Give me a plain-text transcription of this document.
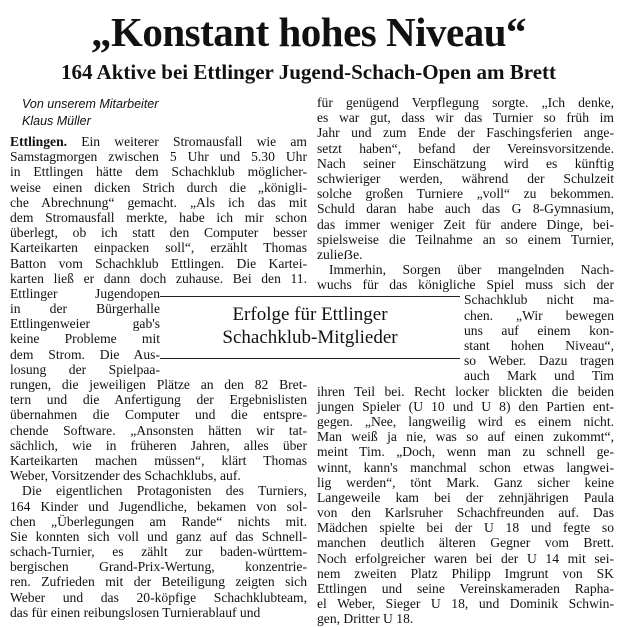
„Konstant hohes Niveau“
164 Aktive bei Ettlinger Jugend-Schach-Open am Brett
Von unserem Mitarbeiter
Klaus Müller
Ettlingen. Ein weiterer Stromausfall wie am
Samstagmorgen zwischen 5 Uhr und 5.30 Uhr
in Ettlingen hätte dem Schachklub möglicher-
weise einen dicken Strich durch die „königli-
che Abrechnung“ gemacht. „Als ich das mit
dem Stromausfall merkte, habe ich mir schon
überlegt, ob ich statt den Computer besser
Karteikarten einpacken soll“, erzählt Thomas
Batton vom Schachklub Ettlingen. Die Kartei-
karten ließ er dann doch zuhause. Bei den 11.
Ettlinger Jugendopen
in der Bürgerhalle
Ettlingenweier gab's
keine Probleme mit
dem Strom. Die Aus-
losung der Spielpaa-
rungen, die jeweiligen Plätze an den 82 Bret-
tern und die Anfertigung der Ergebnislisten
übernahmen die Computer und die entspre-
chende Software. „Ansonsten hätten wir tat-
sächlich, wie in früheren Jahren, alles über
Karteikarten machen müssen“, klärt Thomas
Weber, Vorsitzender des Schachklubs, auf.
Die eigentlichen Protagonisten des Turniers,
164 Kinder und Jugendliche, bekamen von sol-
chen „Überlegungen am Rande“ nichts mit.
Sie konnten sich voll und ganz auf das Schnell-
schach-Turnier, es zählt zur baden-württem-
bergischen Grand-Prix-Wertung, konzentrie-
ren. Zufrieden mit der Beteiligung zeigten sich
Weber und das 20-köpfige Schachklubteam,
das für einen reibungslosen Turnierablauf und
für genügend Verpflegung sorgte. „Ich denke,
es war gut, dass wir das Turnier so früh im
Jahr und zum Ende der Faschingsferien ange-
setzt haben“, befand der Vereinsvorsitzende.
Nach seiner Einschätzung wird es künftig
schwieriger werden, während der Schulzeit
solche großen Turniere „voll“ zu bekommen.
Schuld daran habe auch das G 8-Gymnasium,
das immer weniger Zeit für andere Dinge, bei-
spielsweise die Teilnahme an so einem Turnier,
zulieẞe.
Immerhin, Sorgen über mangelnden Nach-
wuchs für das königliche Spiel muss sich der
Schachklub nicht ma-
chen. „Wir bewegen
uns auf einem kon-
stant hohen Niveau“,
so Weber. Dazu tragen
auch Mark und Tim
ihren Teil bei. Recht locker blickten die beiden
jungen Spieler (U 10 und U 8) den Partien ent-
gegen. „Nee, langweilig wird es einem nicht.
Man weiß ja nie, was so auf einen zukommt“,
meint Tim. „Doch, wenn man zu schnell ge-
winnt, kann's manchmal schon etwas langwei-
lig werden“, tönt Mark. Ganz sicher keine
Langeweile kam bei der zehnjährigen Paula
von den Karlsruher Schachfreunden auf. Das
Mädchen spielte bei der U 18 und fegte so
manchen deutlich älteren Gegner vom Brett.
Noch erfolgreicher waren bei der U 14 mit sei-
nem zweiten Platz Philipp Imgrunt von SK
Ettlingen und seine Vereinskameraden Rapha-
el Weber, Sieger U 18, und Dominik Schwin-
gen, Dritter U 18.
Erfolge für Ettlinger
Schachklub-Mitglieder
